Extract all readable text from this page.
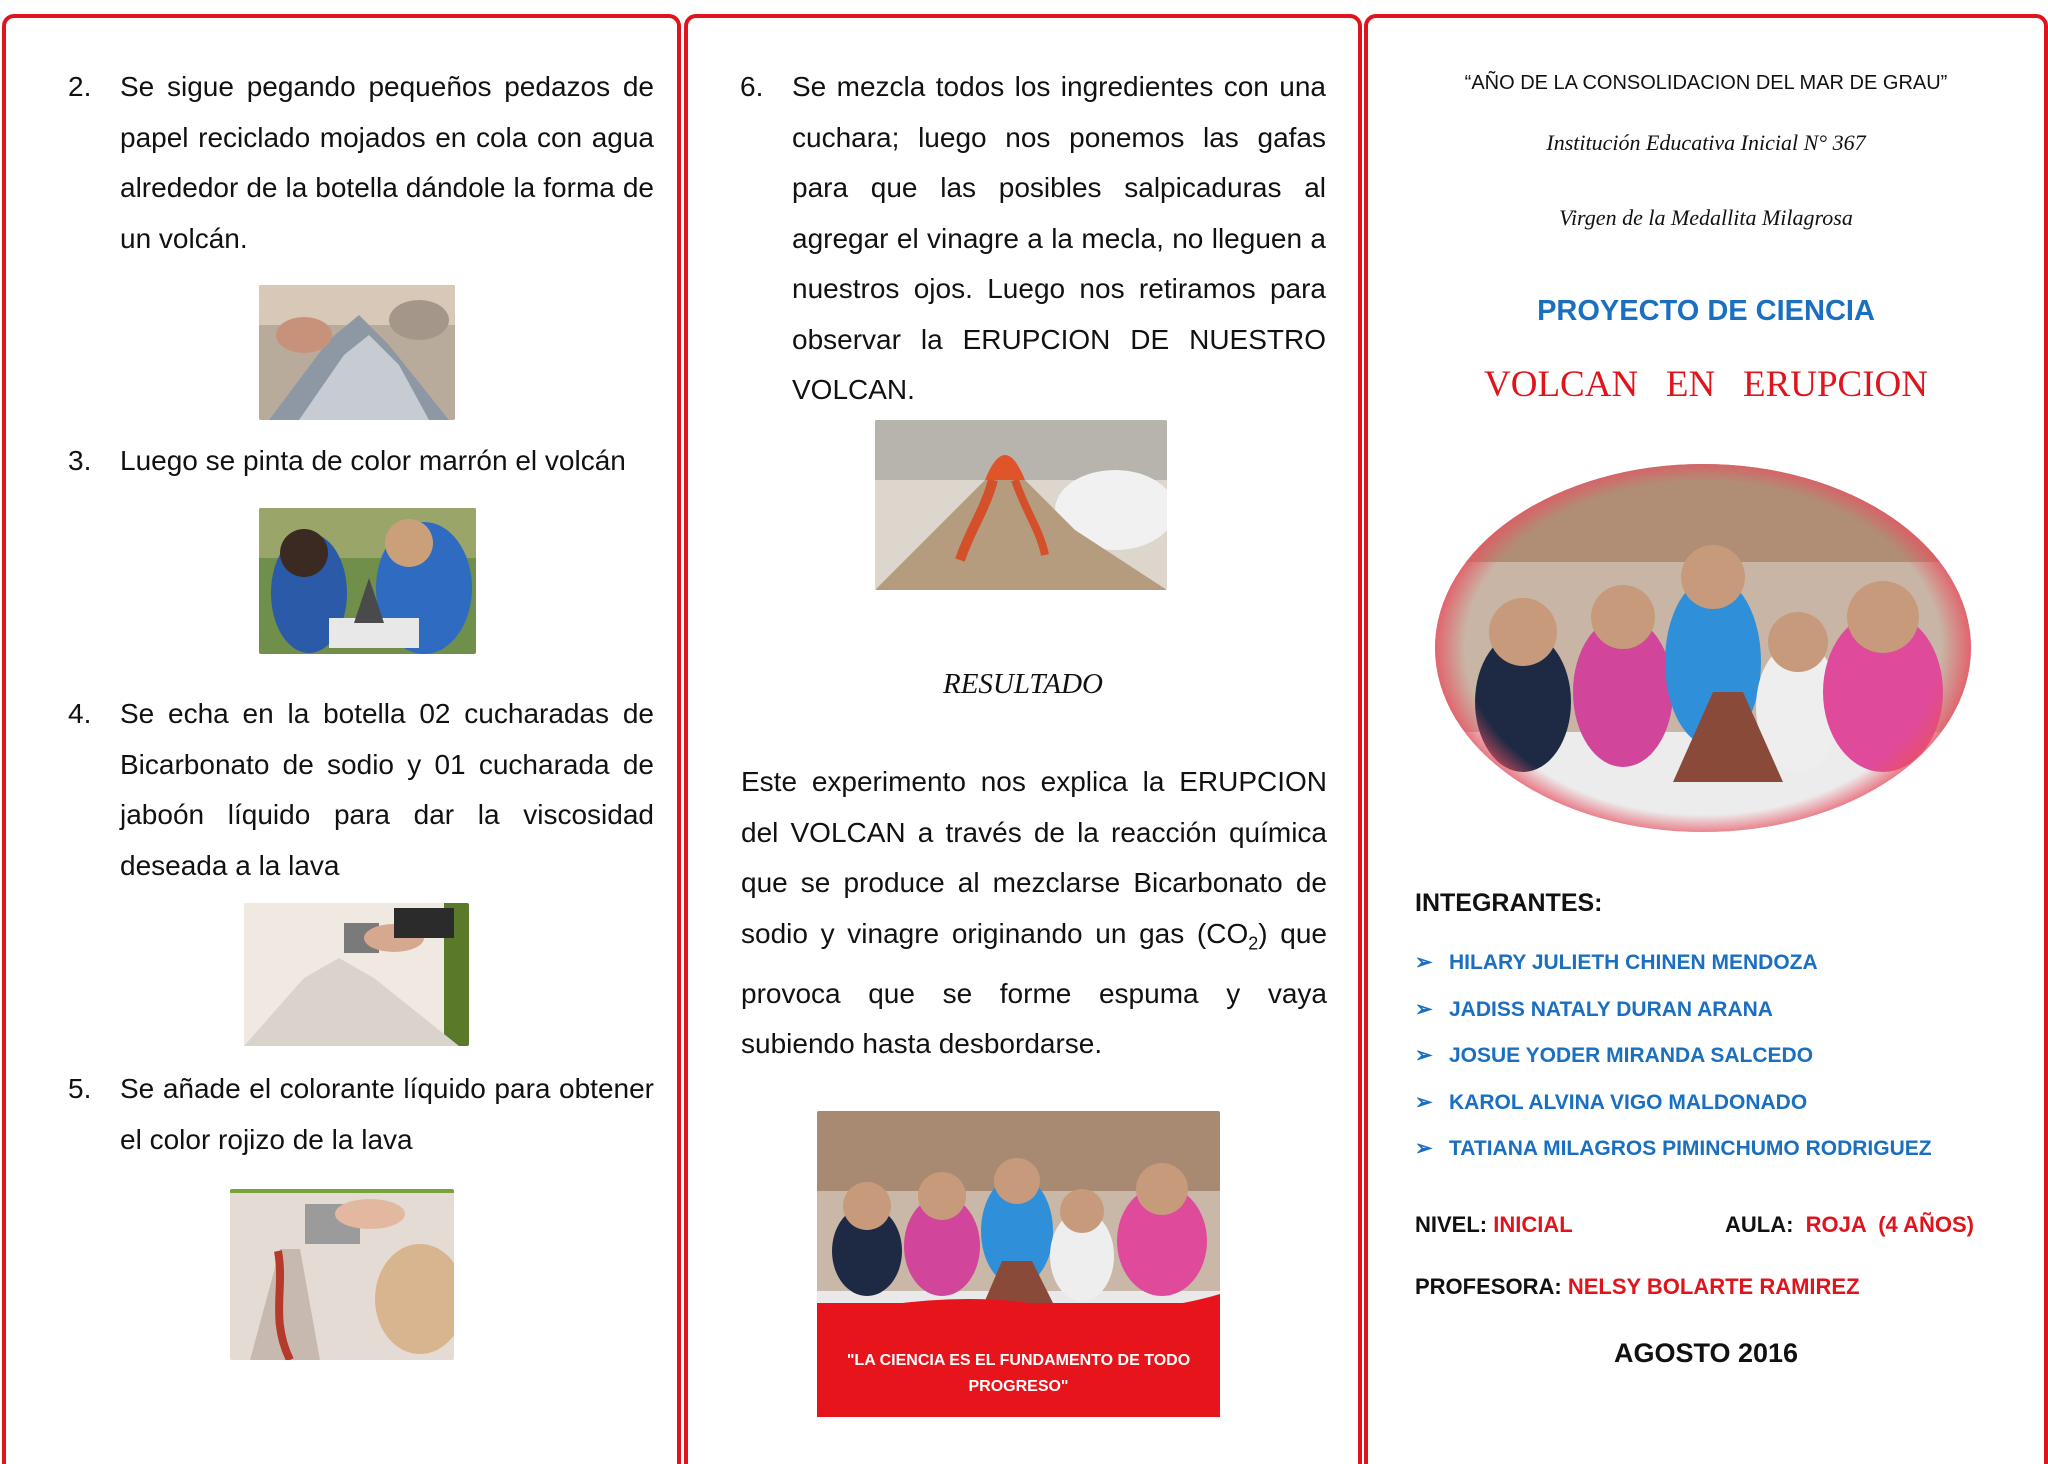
2. Se sigue pegando pequeños pedazos de papel reciclado mojados en cola con agua alrededor de la botella dándole la forma de un volcán.
3. Luego se pinta de color marrón el volcán
4. Se echa en la botella 02 cucharadas de Bicarbonato de sodio y 01 cucharada de jaboón líquido para dar la viscosidad deseada a la lava
5. Se añade el colorante líquido para obtener el color rojizo de la lava
6. Se mezcla todos los ingredientes con una cuchara; luego nos ponemos las gafas para que las posibles salpicaduras al agregar el vinagre a la mecla, no lleguen a nuestros ojos. Luego nos retiramos para observar la ERUPCION DE NUESTRO VOLCAN.
RESULTADO
Este experimento nos explica la ERUPCION del VOLCAN a través de la reacción química que se produce al mezclarse Bicarbonato de sodio y vinagre originando un gas $(CO_2)$ que provoca que se forme espuma y vaya subiendo hasta desbordarse.
"LA CIENCIA ES EL FUNDAMENTO DE TODO PROGRESO"
“AÑO DE LA CONSOLIDACION DEL MAR DE GRAU”
Institución Educativa Inicial N° 367
Virgen de la Medallita Milagrosa
PROYECTO DE CIENCIA
VOLCAN   EN   ERUPCION
INTEGRANTES:
➢ HILARY JULIETH CHINEN MENDOZA
➢ JADISS NATALY DURAN ARANA
➢ JOSUE YODER MIRANDA SALCEDO
➢ KAROL ALVINA VIGO MALDONADO
➢ TATIANA MILAGROS PIMINCHUMO RODRIGUEZ
NIVEL: INICIAL	AULA: ROJA  (4 AÑOS)
PROFESORA: NELSY BOLARTE RAMIREZ
AGOSTO 2016
